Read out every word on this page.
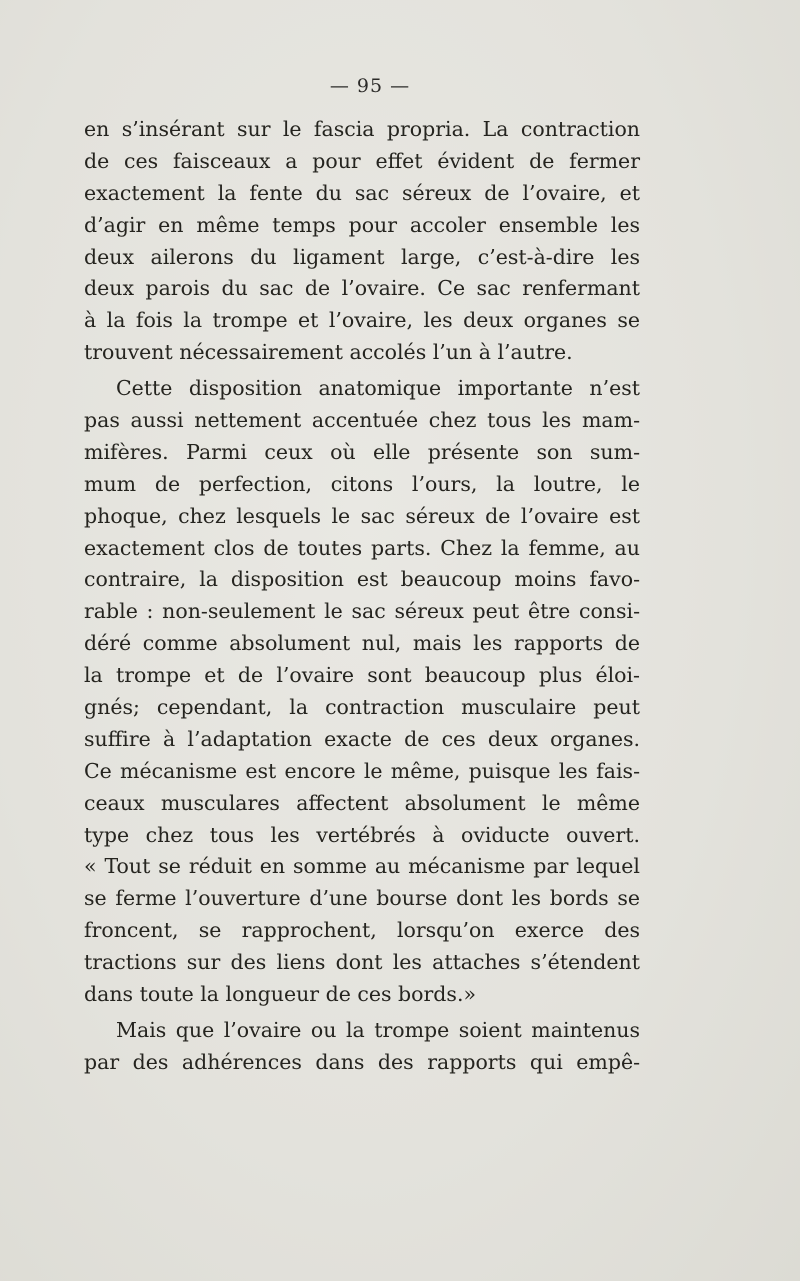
— 95 —

en s’insérant sur le fascia propria. La contraction
de ces faisceaux a pour effet évident de fermer
exactement la fente du sac séreux de l’ovaire, et
d’agir en même temps pour accoler ensemble les
deux ailerons du ligament large, c’est-à-dire les
deux parois du sac de l’ovaire. Ce sac renfermant
à la fois la trompe et l’ovaire, les deux organes se
trouvent nécessairement accolés l’un à l’autre.

Cette disposition anatomique importante n’est
pas aussi nettement accentuée chez tous les mam-
mifères. Parmi ceux où elle présente son sum-
mum de perfection, citons l’ours, la loutre, le
phoque, chez lesquels le sac séreux de l’ovaire est
exactement clos de toutes parts. Chez la femme, au
contraire, la disposition est beaucoup moins favo-
rable : non-seulement le sac séreux peut être consi-
déré comme absolument nul, mais les rapports de
la trompe et de l’ovaire sont beaucoup plus éloi-
gnés; cependant, la contraction musculaire peut
suffire à l’adaptation exacte de ces deux organes.
Ce mécanisme est encore le même, puisque les fais-
ceaux musculares affectent absolument le même
type chez tous les vertébrés à oviducte ouvert.
« Tout se réduit en somme au mécanisme par lequel
se ferme l’ouverture d’une bourse dont les bords se
froncent, se rapprochent, lorsqu’on exerce des
tractions sur des liens dont les attaches s’étendent
dans toute la longueur de ces bords.»

Mais que l’ovaire ou la trompe soient maintenus
par des adhérences dans des rapports qui empê-
